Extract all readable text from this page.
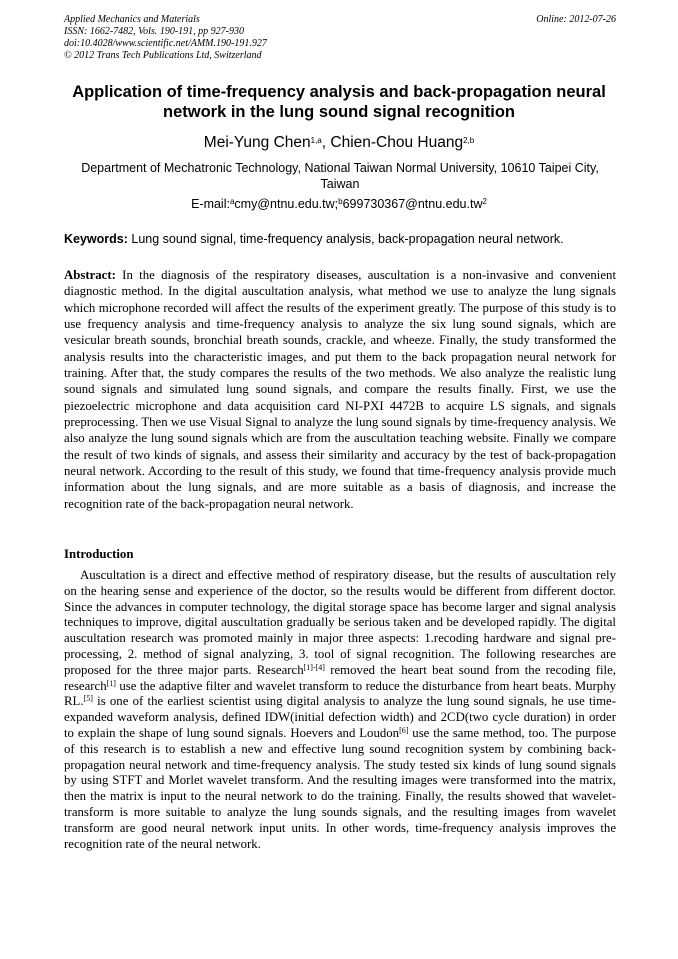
Applied Mechanics and Materials
ISSN: 1662-7482, Vols. 190-191, pp 927-930
doi:10.4028/www.scientific.net/AMM.190-191.927
© 2012 Trans Tech Publications Ltd, Switzerland
Online: 2012-07-26
Application of time-frequency analysis and back-propagation neural network in the lung sound signal recognition
Mei-Yung Chen$^{1,a}$, Chien-Chou Huang$^{2,b}$
Department of Mechatronic Technology, National Taiwan Normal University, 10610 Taipei City, Taiwan
$E-mail:^acmy@ntnu.edu.tw;^b699730367@ntnu.edu.tw^2$
Keywords: Lung sound signal, time-frequency analysis, back-propagation neural network.

Abstract: In the diagnosis of the respiratory diseases, auscultation is a non-invasive and convenient diagnostic method. In the digital auscultation analysis, what method we use to analyze the lung signals which microphone recorded will affect the results of the experiment greatly. The purpose of this study is to use frequency analysis and time-frequency analysis to analyze the six lung sound signals, which are vesicular breath sounds, bronchial breath sounds, crackle, and wheeze. Finally, the study transformed the analysis results into the characteristic images, and put them to the back propagation neural network for training. After that, the study compares the results of the two methods. We also analyze the realistic lung sound signals and simulated lung sound signals, and compare the results finally. First, we use the piezoelectric microphone and data acquisition card NI-PXI 4472B to acquire LS signals, and signals preprocessing. Then we use Visual Signal to analyze the lung sound signals by time-frequency analysis. We also analyze the lung sound signals which are from the auscultation teaching website. Finally we compare the result of two kinds of signals, and assess their similarity and accuracy by the test of back-propagation neural network. According to the result of this study, we found that time-frequency analysis provide much information about the lung signals, and are more suitable as a basis of diagnosis, and increase the recognition rate of the back-propagation neural network.

Introduction

Auscultation is a direct and effective method of respiratory disease, but the results of auscultation rely on the hearing sense and experience of the doctor, so the results would be different from different doctor. Since the advances in computer technology, the digital storage space has become larger and signal analysis techniques to improve, digital auscultation gradually be serious taken and be developed rapidly. The digital auscultation research was promoted mainly in major three aspects: 1.recoding hardware and signal pre-processing, 2. method of signal analyzing, 3. tool of signal recognition. The following researches are proposed for the three major parts. Research[1]-[4] removed the heart beat sound from the recoding file, research[1] use the adaptive filter and wavelet transform to reduce the disturbance from heart beats. Murphy RL.[5] is one of the earliest scientist using digital analysis to analyze the lung sound signals, he use time-expanded waveform analysis, defined IDW(initial defection width) and 2CD(two cycle duration) in order to explain the shape of lung sound signals. Hoevers and Loudon[6] use the same method, too. The purpose of this research is to establish a new and effective lung sound recognition system by combining back-propagation neural network and time-frequency analysis. The study tested six kinds of lung sound signals by using STFT and Morlet wavelet transform. And the resulting images were transformed into the matrix, then the matrix is input to the neural network to do the training. Finally, the results showed that wavelet-transform is more suitable to analyze the lung sounds signals, and the resulting images from wavelet transform are good neural network input units. In other words, time-frequency analysis improves the recognition rate of the neural network.
